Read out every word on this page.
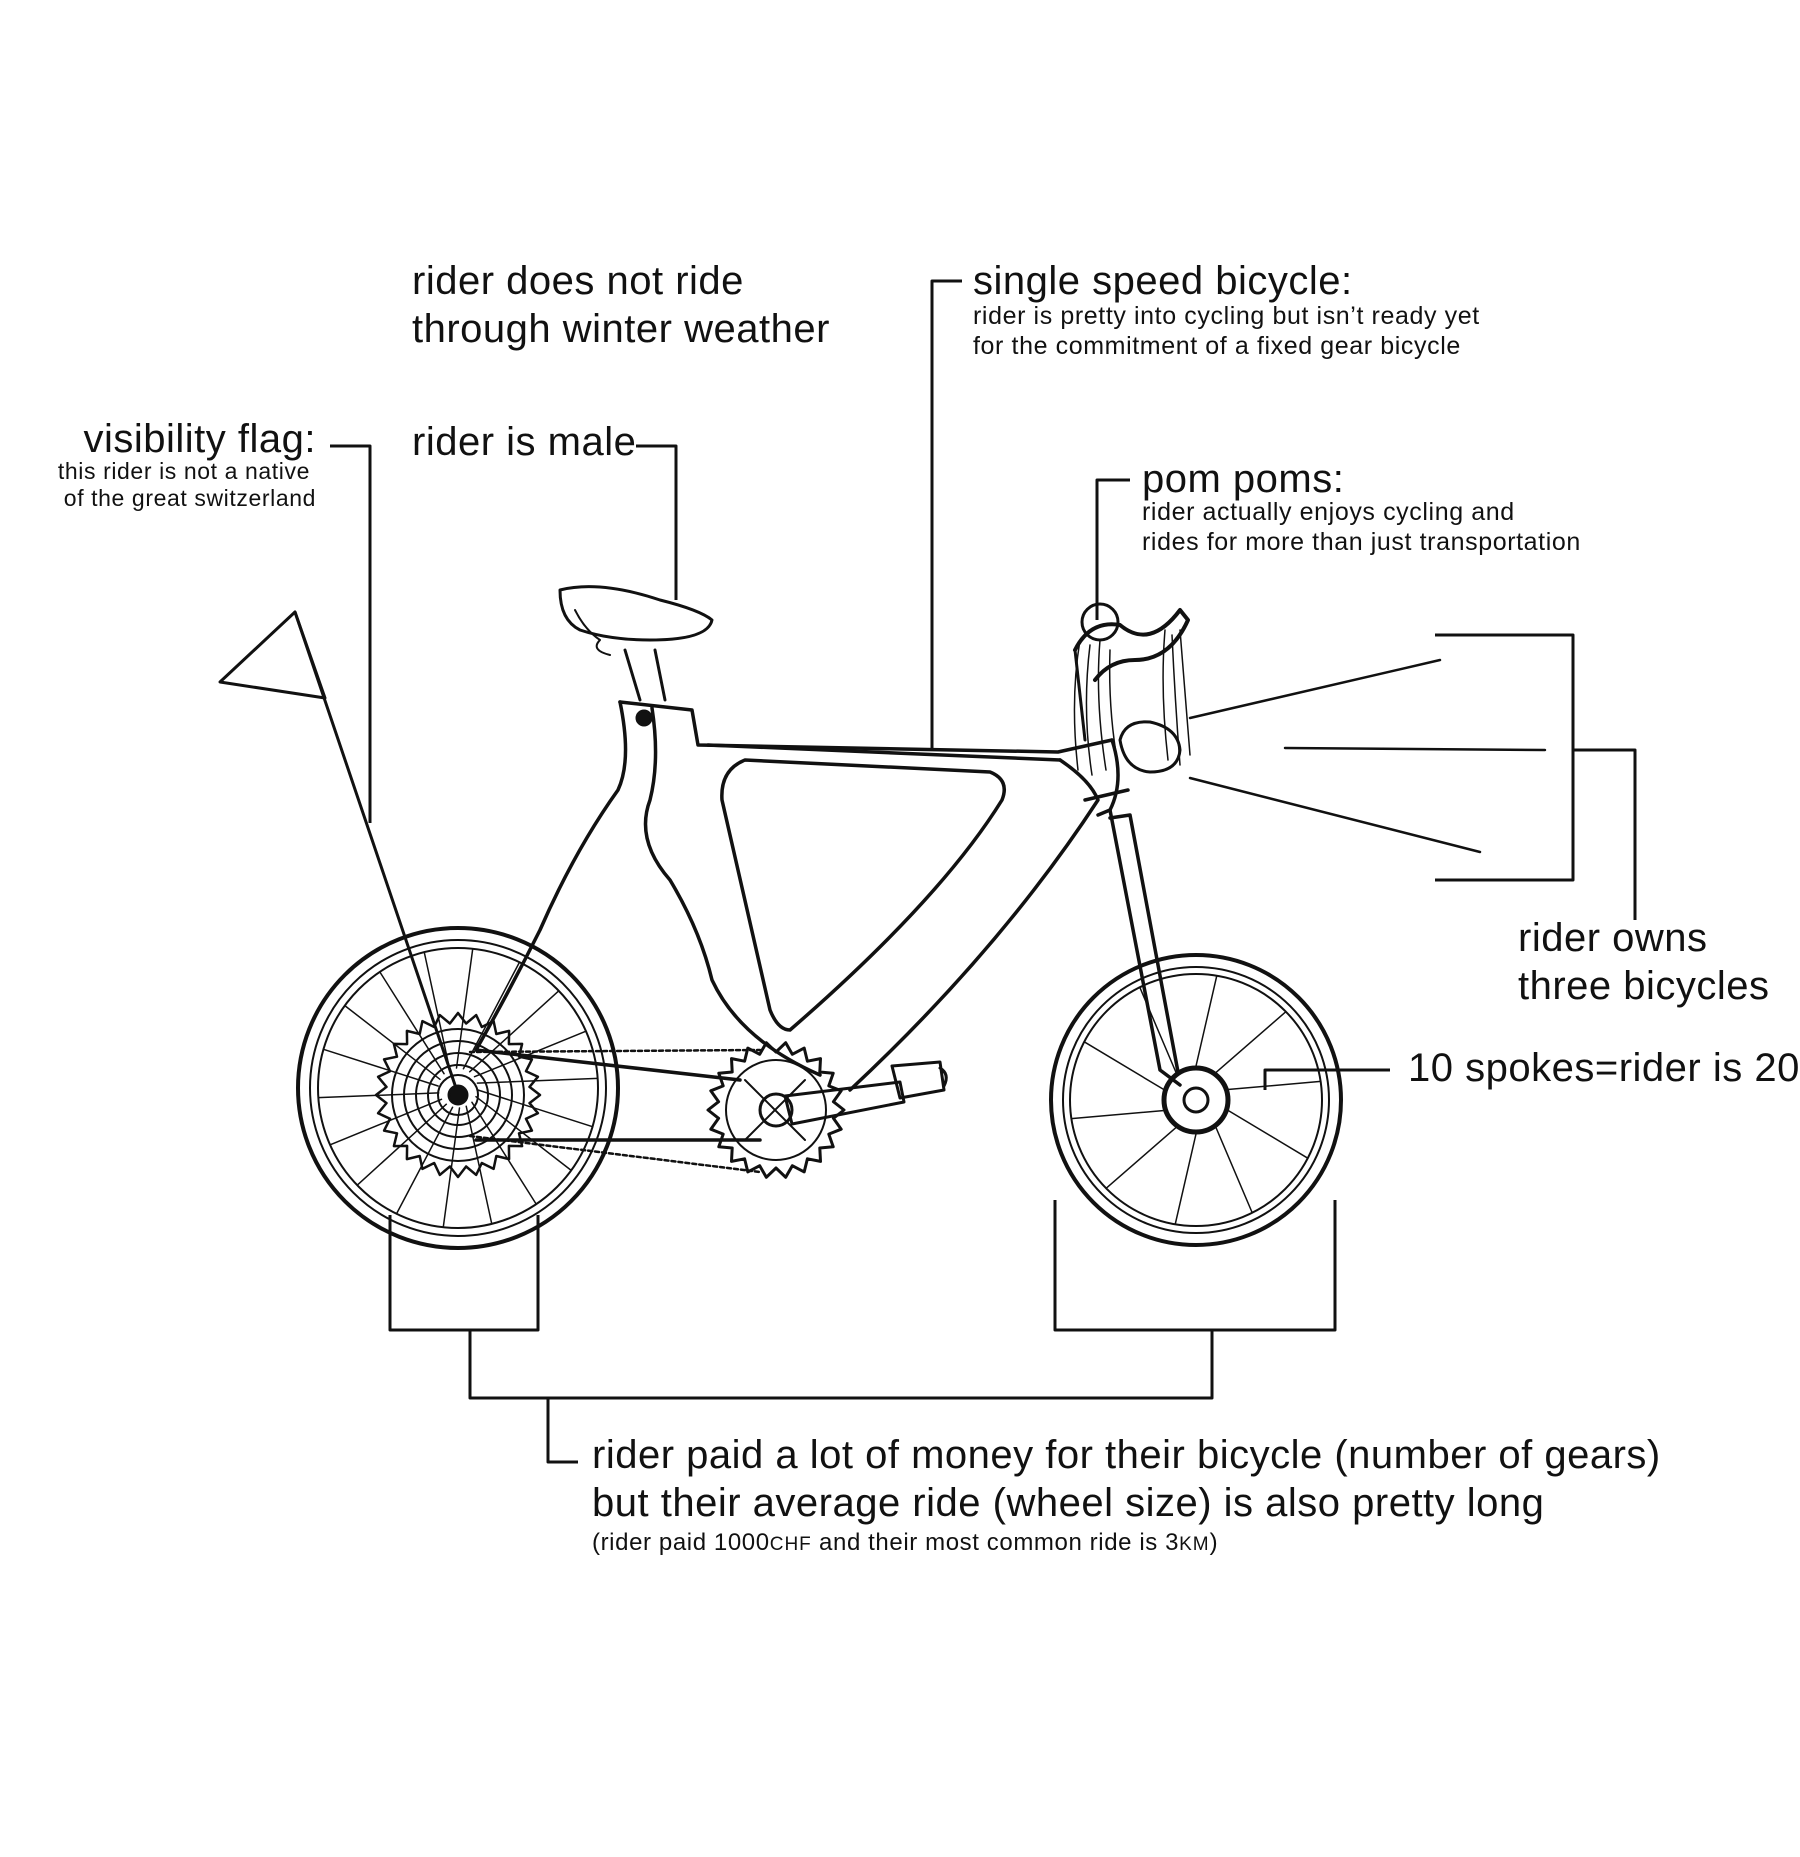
rider does not ride
through winter weather
single speed bicycle:
rider is pretty into cycling but isn’t ready yet
for the commitment of a fixed gear bicycle
visibility flag:
this rider is not a native
of the great switzerland
rider is male
pom poms:
rider actually enjoys cycling and
rides for more than just transportation
rider owns
three bicycles
10 spokes=rider is 20
rider paid a lot of money for their bicycle (number of gears)
but their average ride (wheel size) is also pretty long
(rider paid 1000CHF and their most common ride is 3KM)
